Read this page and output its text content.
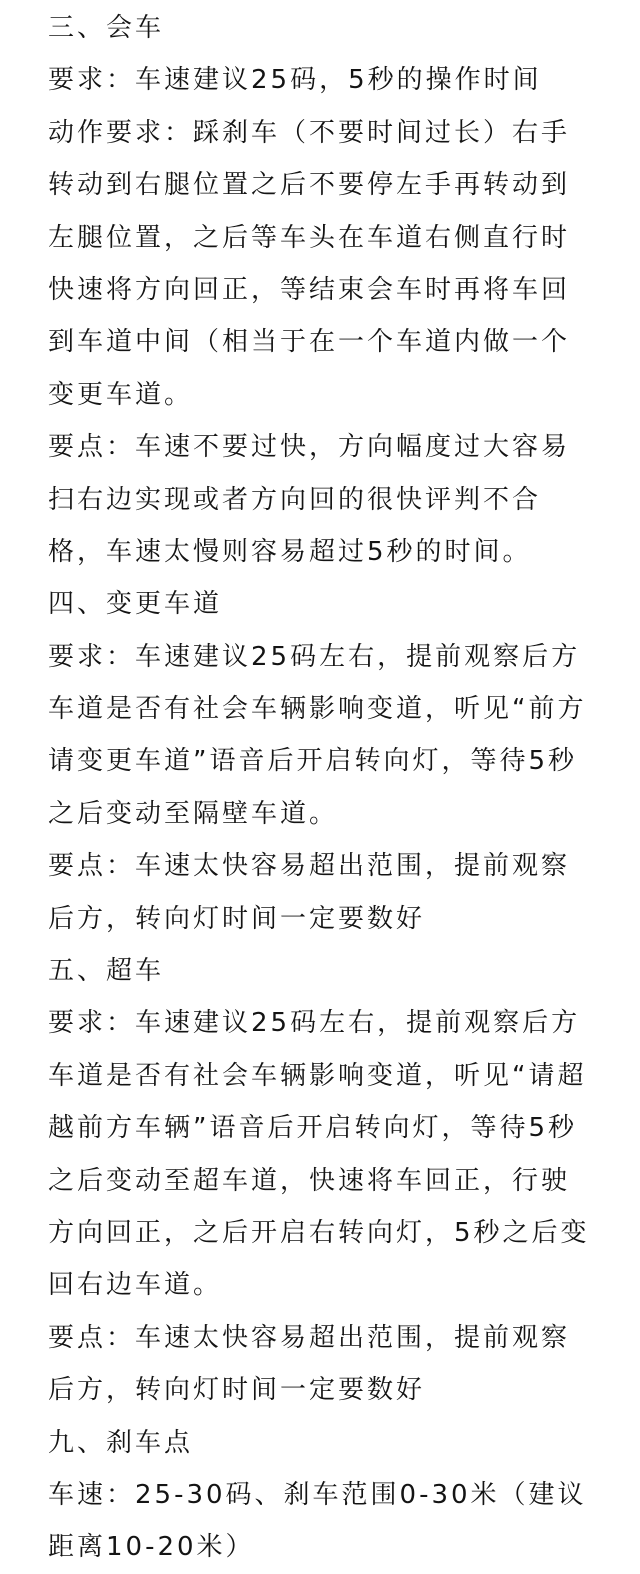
三、会车
要求：车速建议25码，5秒的操作时间
动作要求：踩刹车（不要时间过长）右手
转动到右腿位置之后不要停左手再转动到
左腿位置，之后等车头在车道右侧直行时
快速将方向回正，等结束会车时再将车回
到车道中间（相当于在一个车道内做一个
变更车道。
要点：车速不要过快，方向幅度过大容易
扫右边实现或者方向回的很快评判不合
格，车速太慢则容易超过5秒的时间。
四、变更车道
要求：车速建议25码左右，提前观察后方
车道是否有社会车辆影响变道，听见“前方
请变更车道”语音后开启转向灯，等待5秒
之后变动至隔壁车道。
要点：车速太快容易超出范围，提前观察
后方，转向灯时间一定要数好
五、超车
要求：车速建议25码左右，提前观察后方
车道是否有社会车辆影响变道，听见“请超
越前方车辆”语音后开启转向灯，等待5秒
之后变动至超车道，快速将车回正，行驶
方向回正，之后开启右转向灯，5秒之后变
回右边车道。
要点：车速太快容易超出范围，提前观察
后方，转向灯时间一定要数好
九、刹车点
车速：25-30码、刹车范围0-30米（建议
距离10-20米）
